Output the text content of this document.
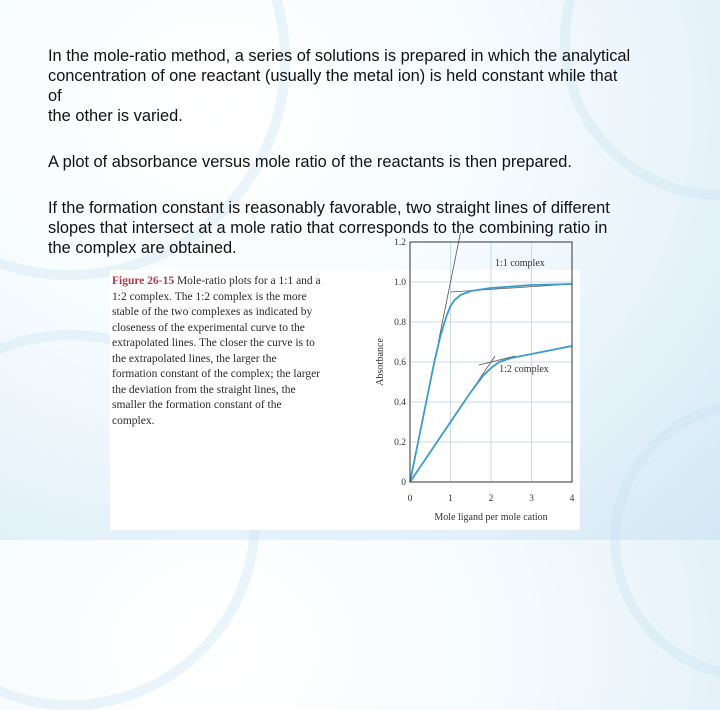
In the mole-ratio method, a series of solutions is prepared in which the analytical
concentration of one reactant (usually the metal ion) is held constant while that
of
the other is varied.
A plot of absorbance versus mole ratio of the reactants is then prepared.
Figure 26-15 Mole-ratio plots for a 1:1 and a 1:2 complex. The 1:2 complex is the more stable of the two complexes as indicated by closeness of the experimental curve to the extrapolated lines. The closer the curve is to the extrapolated lines, the larger the formation constant of the complex; the larger the deviation from the straight lines, the smaller the formation constant of the complex.
0
0.2
0.4
0.6
0.8
1.0
1.2
0	1	2	3	4
Mole ligand per mole cation
Absorbance
1:1 complex
1:2 complex
If the formation constant is reasonably favorable, two straight lines of different
slopes that intersect at a mole ratio that corresponds to the combining ratio in
the complex are obtained.
